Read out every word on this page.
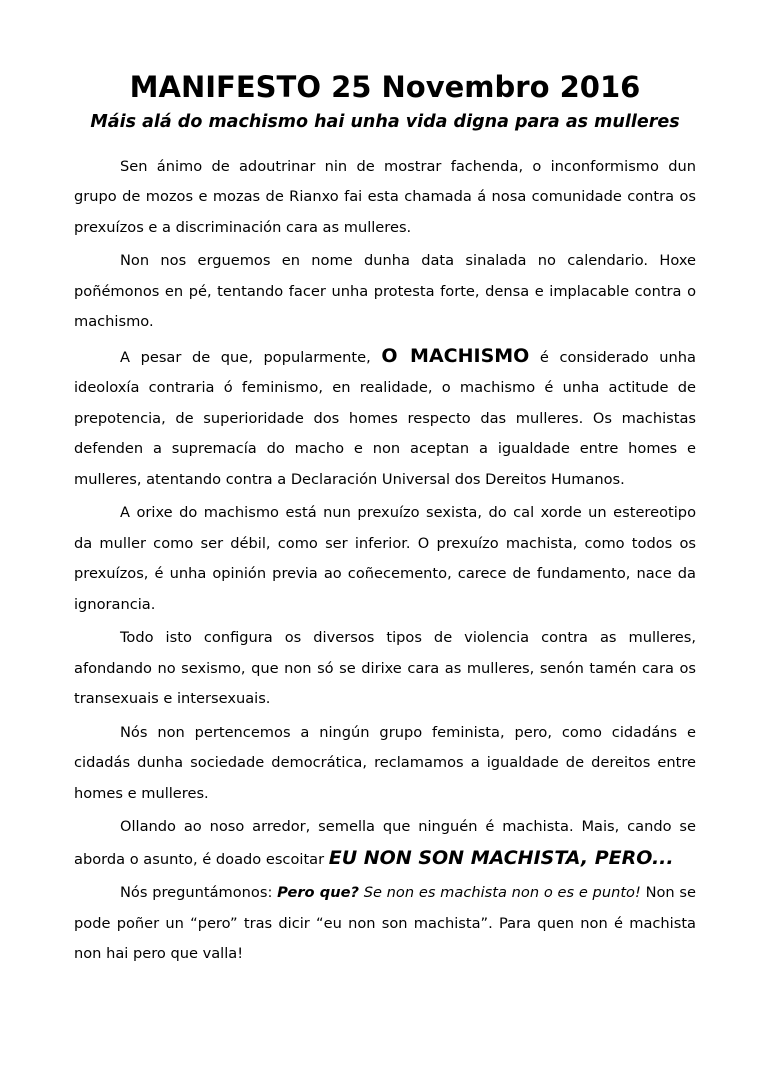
MANIFESTO 25 Novembro 2016

Máis alá do machismo hai unha vida digna para as mulleres

Sen ánimo de adoutrinar nin de mostrar fachenda, o inconformismo dun grupo de mozos e mozas de Rianxo fai esta chamada á nosa comunidade contra os prexuízos e a discriminación cara as mulleres.

Non nos erguemos en nome dunha data sinalada no calendario. Hoxe poñémonos en pé, tentando facer unha protesta forte, densa e implacable contra o machismo.

A pesar de que, popularmente, O MACHISMO é considerado unha ideoloxía contraria ó feminismo, en realidade, o machismo é unha actitude de prepotencia, de superioridade dos homes respecto das mulleres. Os machistas defenden a supremacía do macho e non aceptan a igualdade entre homes e mulleres, atentando contra a Declaración Universal dos Dereitos Humanos.

A orixe do machismo está nun prexuízo sexista, do cal xorde un estereotipo da muller como ser débil, como ser inferior. O prexuízo machista, como todos os prexuízos, é unha opinión previa ao coñecemento, carece de fundamento, nace da ignorancia.

Todo isto configura os diversos tipos de violencia contra as mulleres, afondando no sexismo, que non só se dirixe cara as mulleres, senón tamén cara os transexuais e intersexuais.

Nós non pertencemos a ningún grupo feminista, pero, como cidadáns e cidadás dunha sociedade democrática, reclamamos a igualdade de dereitos entre homes e mulleres.

Ollando ao noso arredor, semella que ninguén é machista. Mais, cando se aborda o asunto, é doado escoitar EU NON SON MACHISTA, PERO...

Nós preguntámonos: Pero que? Se non es machista non o es e punto! Non se pode poñer un “pero” tras dicir “eu non son machista”. Para quen non é machista non hai pero que valla!
